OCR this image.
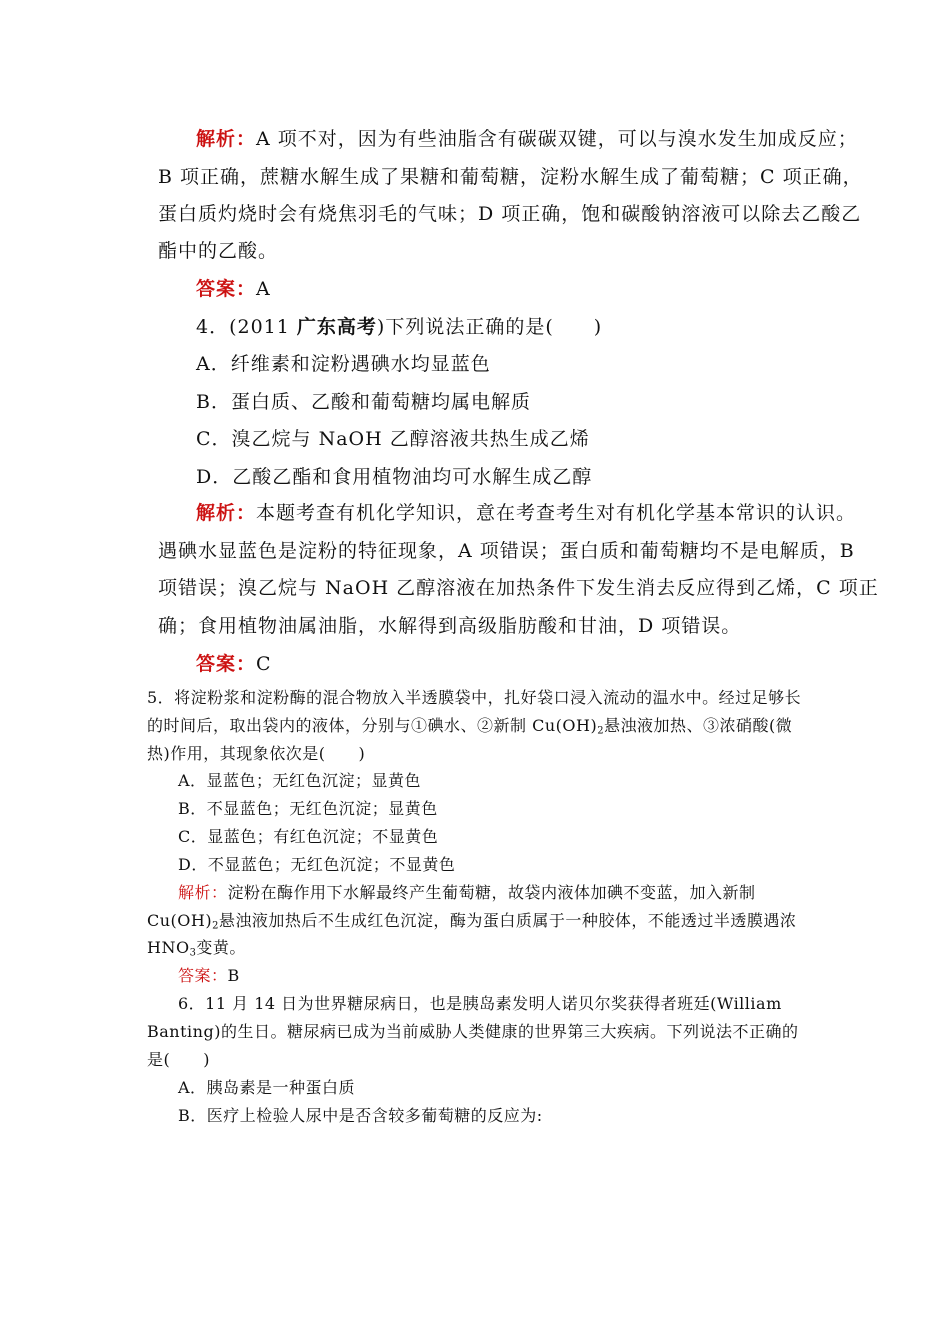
解析：A 项不对，因为有些油脂含有碳碳双键，可以与溴水发生加成反应；
B 项正确，蔗糖水解生成了果糖和葡萄糖，淀粉水解生成了葡萄糖；C 项正确，
蛋白质灼烧时会有烧焦羽毛的气味；D 项正确，饱和碳酸钠溶液可以除去乙酸乙
酯中的乙酸。
答案：A
4．(2011 广东高考)下列说法正确的是(　　)
A．纤维素和淀粉遇碘水均显蓝色
B．蛋白质、乙酸和葡萄糖均属电解质
C．溴乙烷与 NaOH 乙醇溶液共热生成乙烯
D．乙酸乙酯和食用植物油均可水解生成乙醇
解析：本题考查有机化学知识，意在考查考生对有机化学基本常识的认识。
遇碘水显蓝色是淀粉的特征现象，A 项错误；蛋白质和葡萄糖均不是电解质，B
项错误；溴乙烷与 NaOH 乙醇溶液在加热条件下发生消去反应得到乙烯，C 项正
确；食用植物油属油脂，水解得到高级脂肪酸和甘油，D 项错误。
答案：C
5．将淀粉浆和淀粉酶的混合物放入半透膜袋中，扎好袋口浸入流动的温水中。经过足够长
的时间后，取出袋内的液体，分别与①碘水、②新制 $Cu(OH)_2$悬浊液加热、③浓硝酸(微
热)作用，其现象依次是(　　)
A．显蓝色；无红色沉淀；显黄色
B．不显蓝色；无红色沉淀；显黄色
C．显蓝色；有红色沉淀；不显黄色
D．不显蓝色；无红色沉淀；不显黄色
解析：淀粉在酶作用下水解最终产生葡萄糖，故袋内液体加碘不变蓝，加入新制
$Cu(OH)_2$悬浊液加热后不生成红色沉淀，酶为蛋白质属于一种胶体，不能透过半透膜遇浓
$HNO_3$变黄。
答案：B
6．11 月 14 日为世界糖尿病日，也是胰岛素发明人诺贝尔奖获得者班廷(William
Banting)的生日。糖尿病已成为当前威胁人类健康的世界第三大疾病。下列说法不正确的
是(　　)
A．胰岛素是一种蛋白质
B．医疗上检验人尿中是否含较多葡萄糖的反应为:
